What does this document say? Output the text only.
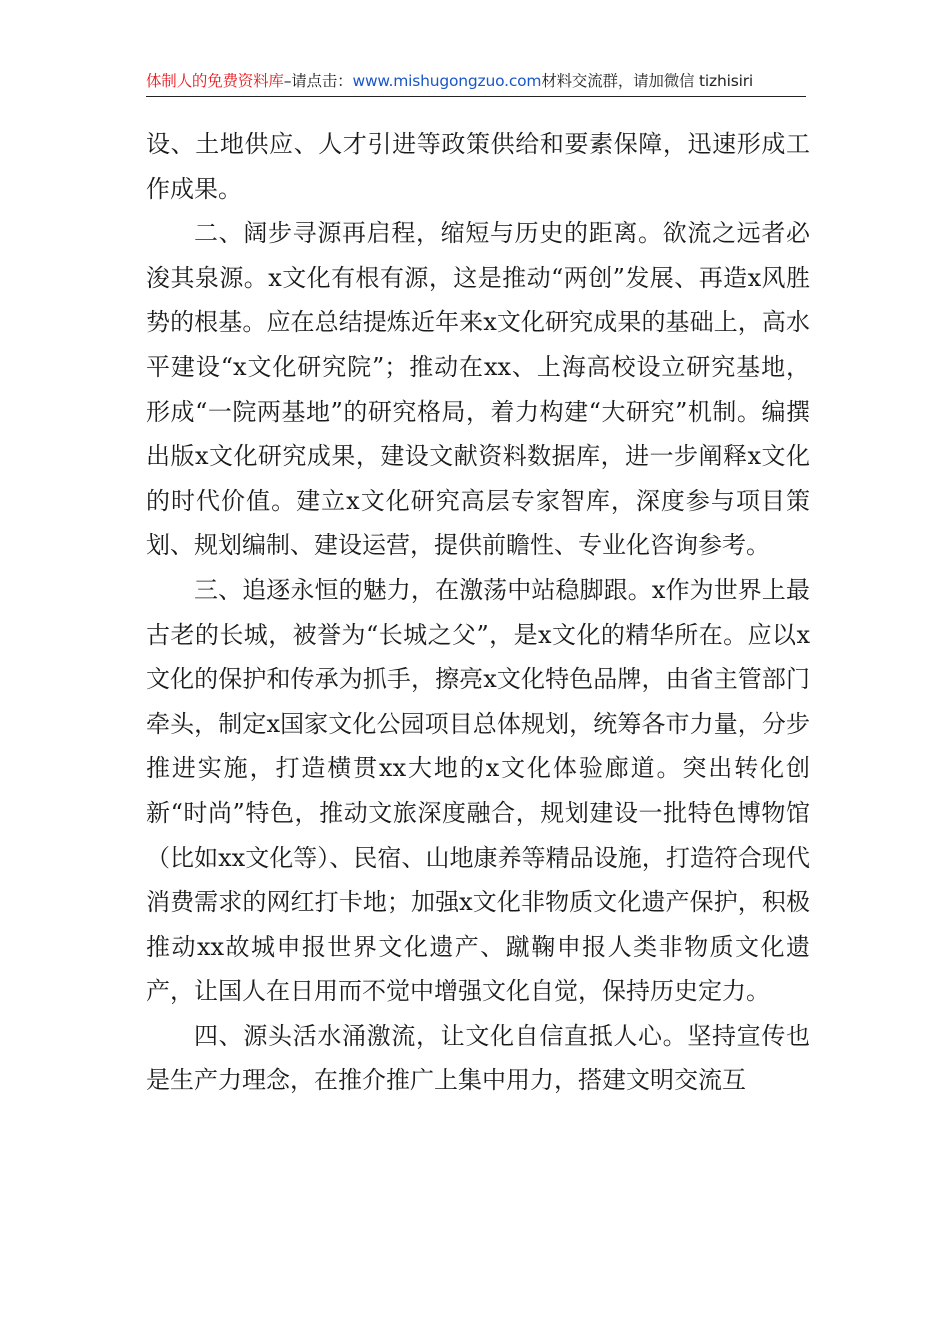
体制人的免费资料库–请点击：www.mishugongzuo.com材料交流群，请加微信 tizhisiri

设、土地供应、人才引进等政策供给和要素保障，迅速形成工作成果。

二、阔步寻源再启程，缩短与历史的距离。欲流之远者必浚其泉源。x文化有根有源，这是推动“两创”发展、再造x风胜势的根基。应在总结提炼近年来x文化研究成果的基础上，高水平建设“x文化研究院”；推动在xx、上海高校设立研究基地，形成“一院两基地”的研究格局，着力构建“大研究”机制。编撰出版x文化研究成果，建设文献资料数据库，进一步阐释x文化的时代价值。建立x文化研究高层专家智库，深度参与项目策划、规划编制、建设运营，提供前瞻性、专业化咨询参考。

三、追逐永恒的魅力，在激荡中站稳脚跟。x作为世界上最古老的长城，被誉为“长城之父”，是x文化的精华所在。应以x文化的保护和传承为抓手，擦亮x文化特色品牌，由省主管部门牵头，制定x国家文化公园项目总体规划，统筹各市力量，分步推进实施，打造横贯xx大地的x文化体验廊道。突出转化创新“时尚”特色，推动文旅深度融合，规划建设一批特色博物馆（比如xx文化等）、民宿、山地康养等精品设施，打造符合现代消费需求的网红打卡地；加强x文化非物质文化遗产保护，积极推动xx故城申报世界文化遗产、蹴鞠申报人类非物质文化遗产，让国人在日用而不觉中增强文化自觉，保持历史定力。

四、源头活水涌激流，让文化自信直抵人心。坚持宣传也是生产力理念，在推介推广上集中用力，搭建文明交流互
